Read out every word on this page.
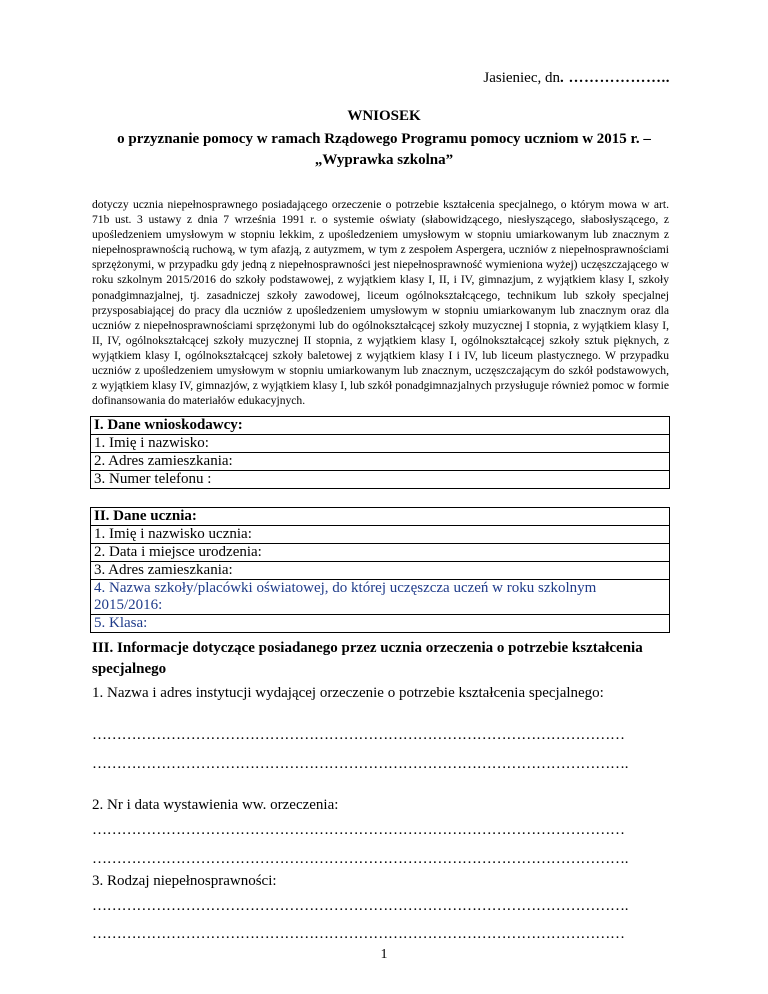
Jasieniec, dn. ………………..
WNIOSEK
o przyznanie pomocy w ramach Rządowego Programu pomocy uczniom w 2015 r. –
„Wyprawka szkolna”
dotyczy ucznia niepełnosprawnego posiadającego orzeczenie o potrzebie kształcenia specjalnego, o którym mowa w art. 71b ust. 3 ustawy z dnia 7 września 1991 r. o systemie oświaty (słabowidzącego, niesłyszącego, słabosłyszącego, z upośledzeniem umysłowym w stopniu lekkim, z upośledzeniem umysłowym w stopniu umiarkowanym lub znacznym z niepełnosprawnością ruchową, w tym afazją, z autyzmem, w tym z zespołem Aspergera, uczniów z niepełnosprawnościami sprzężonymi, w przypadku gdy jedną z niepełnosprawności jest niepełnosprawność wymieniona wyżej) uczęszczającego w roku szkolnym 2015/2016 do szkoły podstawowej, z wyjątkiem klasy I, II, i IV, gimnazjum, z wyjątkiem klasy I, szkoły ponadgimnazjalnej, tj. zasadniczej szkoły zawodowej, liceum ogólnokształcącego, technikum lub szkoły specjalnej przysposabiającej do pracy dla uczniów z upośledzeniem umysłowym w stopniu umiarkowanym lub znacznym oraz dla uczniów z niepełnosprawnościami sprzężonymi lub do ogólnokształcącej szkoły muzycznej I stopnia, z wyjątkiem klasy I, II, IV, ogólnokształcącej szkoły muzycznej II stopnia, z wyjątkiem klasy I, ogólnokształcącej szkoły sztuk pięknych, z wyjątkiem klasy I, ogólnokształcącej szkoły baletowej z wyjątkiem klasy I i IV, lub liceum plastycznego. W przypadku uczniów z upośledzeniem umysłowym w stopniu umiarkowanym lub znacznym, uczęszczającym do szkół podstawowych, z wyjątkiem klasy IV, gimnazjów, z wyjątkiem klasy I, lub szkół ponadgimnazjalnych przysługuje również pomoc w formie dofinansowania do materiałów edukacyjnych.
I. Dane wnioskodawcy:
1. Imię i nazwisko:
2. Adres zamieszkania:
3. Numer telefonu :
II. Dane ucznia:
1. Imię i nazwisko ucznia:
2. Data i miejsce urodzenia:
3. Adres zamieszkania:

4. Nazwa szkoły/placówki oświatowej, do której uczęszcza uczeń w roku szkolnym
2015/2016:

5. Klasa:
III. Informacje dotyczące posiadanego przez ucznia orzeczenia o potrzebie kształcenia specjalnego
1. Nazwa i adres instytucji wydającej orzeczenie o potrzebie kształcenia specjalnego:
………………………………………………………………………………………………
……………………………………………………………………………………………….
2. Nr i data wystawienia ww. orzeczenia:
………………………………………………………………………………………………
……………………………………………………………………………………………….
3. Rodzaj niepełnosprawności:
……………………………………………………………………………………………….
………………………………………………………………………………………………
1
